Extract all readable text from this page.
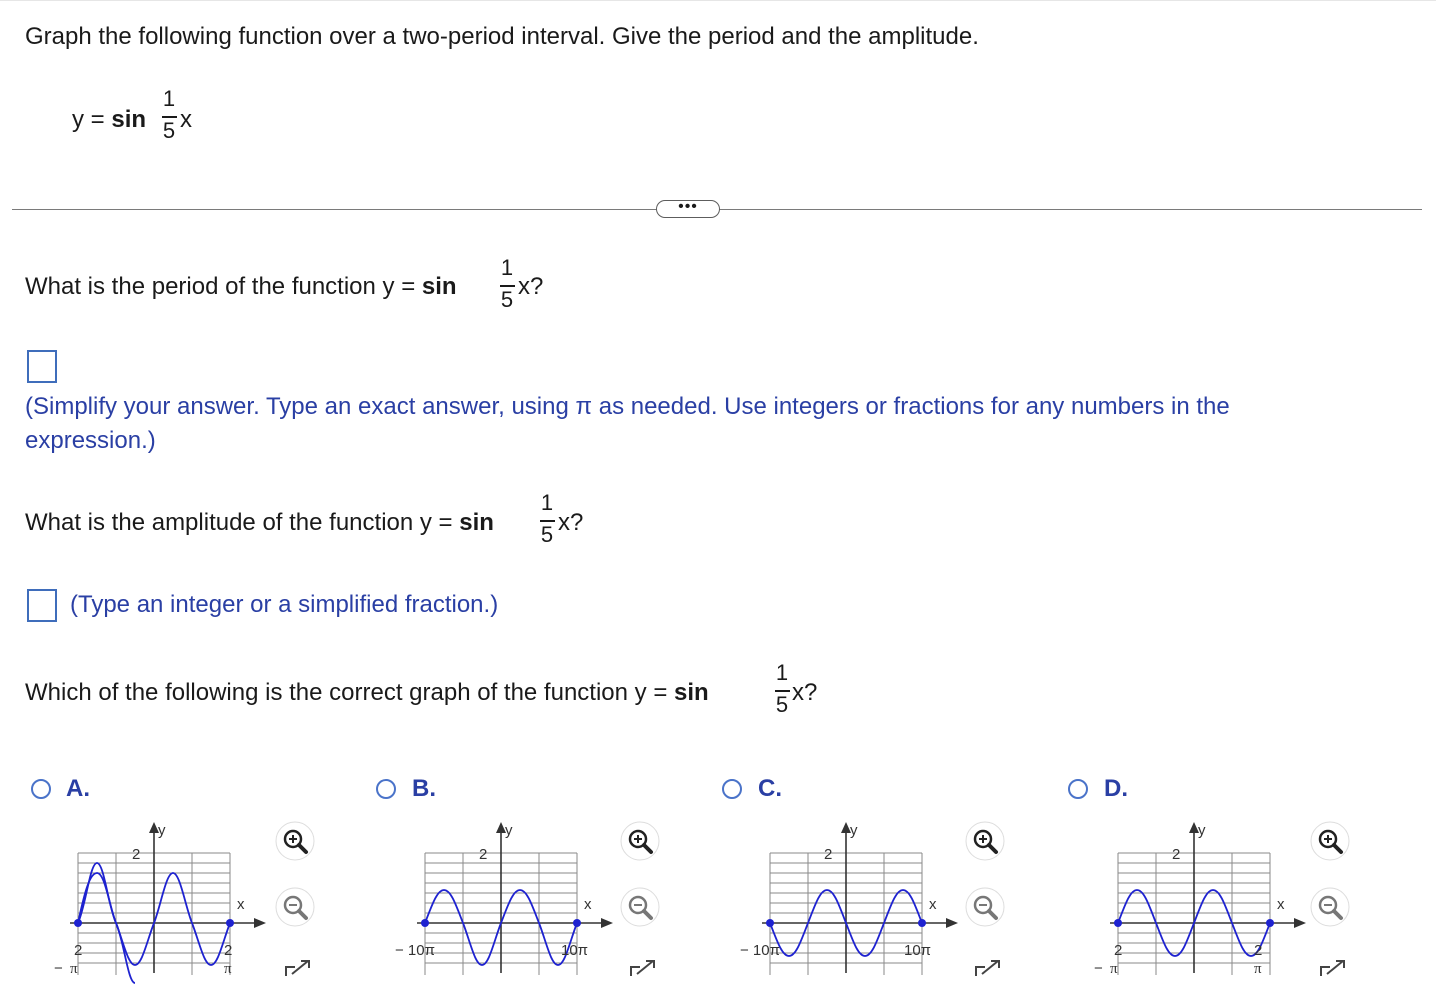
Graph the following function over a two-period interval. Give the period and the amplitude.
y = sin
1
5 x
•••
What is the period of the function y = sin
1
5 x?
(Simplify your answer. Type an exact answer, using π as needed. Use integers or fractions for any numbers in the
expression.)
What is the amplitude of the function y = sin
1
5 x?
(Type an integer or a simplified fraction.)
Which of the following is the correct graph of the function y = sin
1
5 x?
A.
y
2
x
2
− π
2
π
B.
y
2
x
− 10π	10π
C.
y
2
x
− 10π	10π
D.
y
2
x
2
− π
2
π
